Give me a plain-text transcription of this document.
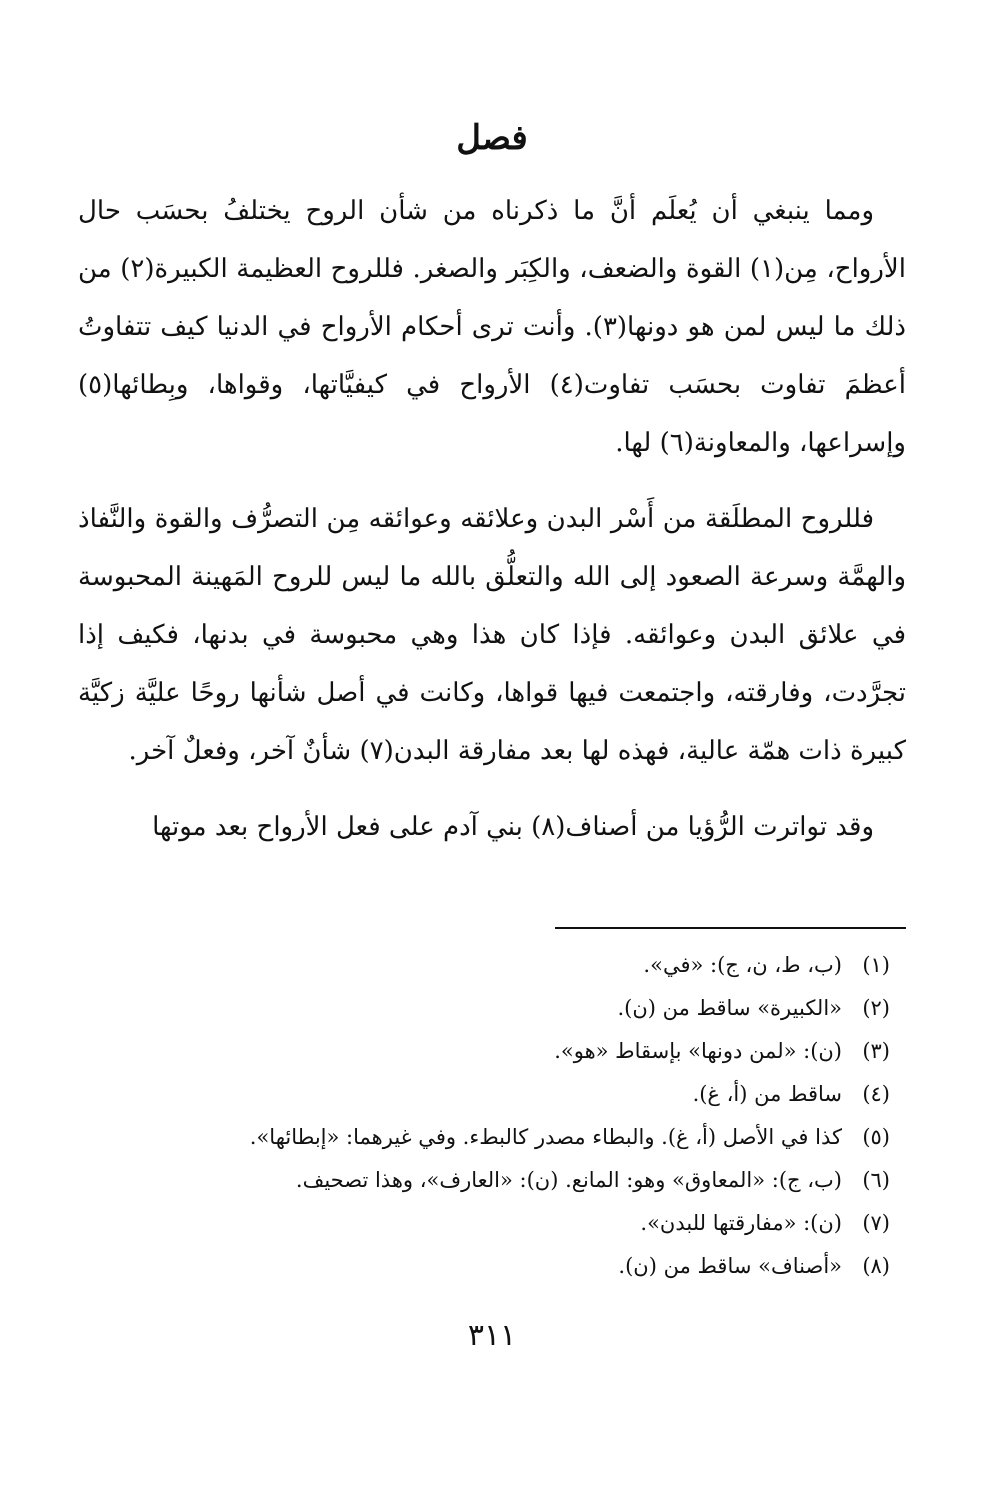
فصل

ومما ينبغي أن يُعلَم أنَّ ما ذكرناه من شأن الروح يختلفُ بحسَب حال الأرواح، مِن(١) القوة والضعف، والكِبَر والصغر. فللروح العظيمة الكبيرة(٢) من ذلك ما ليس لمن هو دونها(٣). وأنت ترى أحكام الأرواح في الدنيا كيف تتفاوتُ أعظمَ تفاوت بحسَب تفاوت(٤) الأرواح في كيفيَّاتها، وقواها، وبِطائها(٥) وإسراعها، والمعاونة(٦) لها.

فللروح المطلَقة من أَسْر البدن وعلائقه وعوائقه مِن التصرُّف والقوة والنَّفاذ والهمَّة وسرعة الصعود إلى الله والتعلُّق بالله ما ليس للروح المَهينة المحبوسة في علائق البدن وعوائقه. فإذا كان هذا وهي محبوسة في بدنها، فكيف إذا تجرَّدت، وفارقته، واجتمعت فيها قواها، وكانت في أصل شأنها روحًا عليَّة زكيَّة كبيرة ذات همّة عالية، فهذه لها بعد مفارقة البدن(٧) شأنٌ آخر، وفعلٌ آخر.

وقد تواترت الرُّؤيا من أصناف(٨) بني آدم على فعل الأرواح بعد موتها

(١)
(ب، ط، ن، ج): «في».
(٢)
«الكبيرة» ساقط من (ن).
(٣)
(ن): «لمن دونها» بإسقاط «هو».
(٤)
ساقط من (أ، غ).
(٥)
كذا في الأصل (أ، غ). والبطاء مصدر كالبطء. وفي غيرهما: «إبطائها».
(٦)
(ب، ج): «المعاوق» وهو: المانع. (ن): «العارف»، وهذا تصحيف.
(٧)
(ن): «مفارقتها للبدن».
(٨)
«أصناف» ساقط من (ن).
٣١١
